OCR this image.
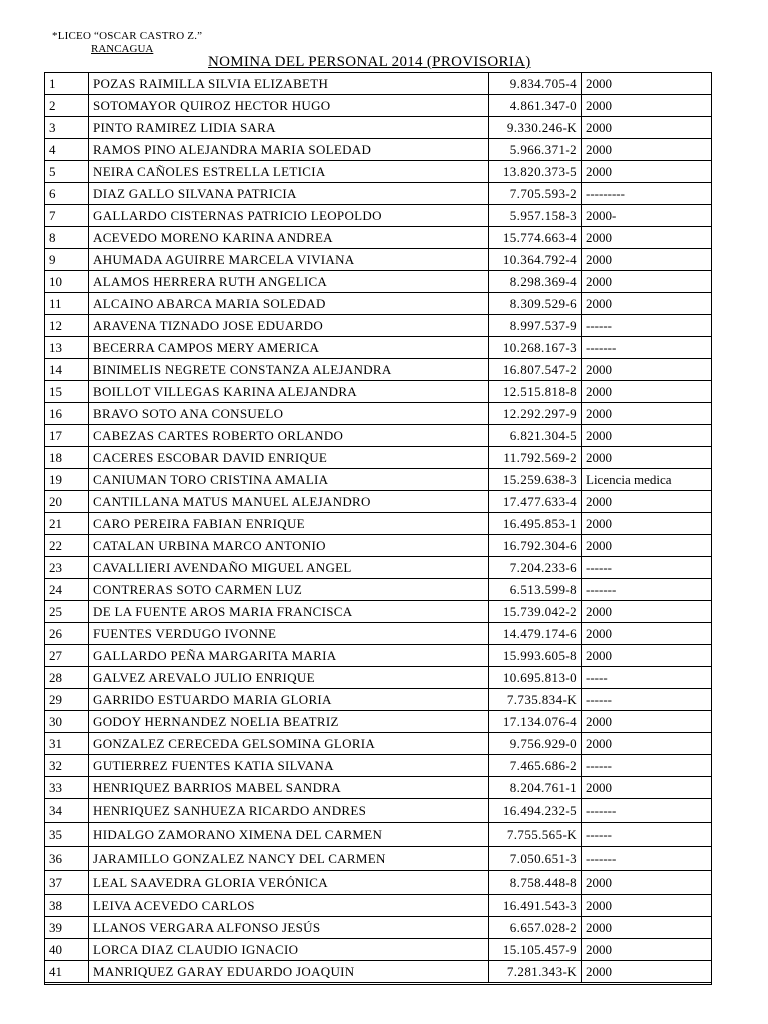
*LICEO “OSCAR CASTRO Z.”
RANCAGUA
NOMINA DEL PERSONAL 2014 (PROVISORIA)
1	POZAS RAIMILLA SILVIA ELIZABETH	9.834.705-4	2000
2	SOTOMAYOR QUIROZ HECTOR HUGO	4.861.347-0	2000
3	PINTO RAMIREZ LIDIA SARA	9.330.246-K	2000
4	RAMOS PINO ALEJANDRA MARIA SOLEDAD	5.966.371-2	2000
5	NEIRA CAÑOLES ESTRELLA LETICIA	13.820.373-5	2000
6	DIAZ GALLO SILVANA PATRICIA	7.705.593-2	---------
7	GALLARDO CISTERNAS PATRICIO LEOPOLDO	5.957.158-3	2000-
8	ACEVEDO MORENO KARINA ANDREA	15.774.663-4	2000
9	AHUMADA AGUIRRE MARCELA VIVIANA	10.364.792-4	2000
10	ALAMOS HERRERA RUTH ANGELICA	8.298.369-4	2000
11	ALCAINO ABARCA MARIA SOLEDAD	8.309.529-6	2000
12	ARAVENA TIZNADO JOSE EDUARDO	8.997.537-9	------
13	BECERRA CAMPOS MERY AMERICA	10.268.167-3	-------
14	BINIMELIS NEGRETE CONSTANZA ALEJANDRA	16.807.547-2	2000
15	BOILLOT VILLEGAS KARINA ALEJANDRA	12.515.818-8	2000
16	BRAVO SOTO ANA CONSUELO	12.292.297-9	2000
17	CABEZAS CARTES ROBERTO ORLANDO	6.821.304-5	2000
18	CACERES ESCOBAR DAVID ENRIQUE	11.792.569-2	2000
19	CANIUMAN TORO CRISTINA AMALIA	15.259.638-3	Licencia medica
20	CANTILLANA MATUS MANUEL ALEJANDRO	17.477.633-4	2000
21	CARO PEREIRA FABIAN ENRIQUE	16.495.853-1	2000
22	CATALAN URBINA MARCO ANTONIO	16.792.304-6	2000
23	CAVALLIERI AVENDAÑO MIGUEL ANGEL	7.204.233-6	------
24	CONTRERAS SOTO CARMEN LUZ	6.513.599-8	-------
25	DE LA FUENTE AROS MARIA FRANCISCA	15.739.042-2	2000
26	FUENTES VERDUGO IVONNE	14.479.174-6	2000
27	GALLARDO PEÑA MARGARITA MARIA	15.993.605-8	2000
28	GALVEZ AREVALO JULIO ENRIQUE	10.695.813-0	-----
29	GARRIDO ESTUARDO MARIA GLORIA	7.735.834-K	------
30	GODOY HERNANDEZ NOELIA BEATRIZ	17.134.076-4	2000
31	GONZALEZ CERECEDA GELSOMINA GLORIA	9.756.929-0	2000
32	GUTIERREZ FUENTES KATIA SILVANA	7.465.686-2	------
33	HENRIQUEZ BARRIOS MABEL SANDRA	8.204.761-1	2000
34	HENRIQUEZ SANHUEZA RICARDO ANDRES	16.494.232-5	-------
35	HIDALGO ZAMORANO XIMENA DEL CARMEN	7.755.565-K	------
36	JARAMILLO GONZALEZ NANCY DEL CARMEN	7.050.651-3	-------
37	LEAL SAAVEDRA GLORIA VERÓNICA	8.758.448-8	2000
38	LEIVA ACEVEDO CARLOS	16.491.543-3	2000
39	LLANOS VERGARA ALFONSO JESÚS	6.657.028-2	2000
40	LORCA DIAZ CLAUDIO IGNACIO	15.105.457-9	2000
41	MANRIQUEZ GARAY EDUARDO JOAQUIN	7.281.343-K	2000
